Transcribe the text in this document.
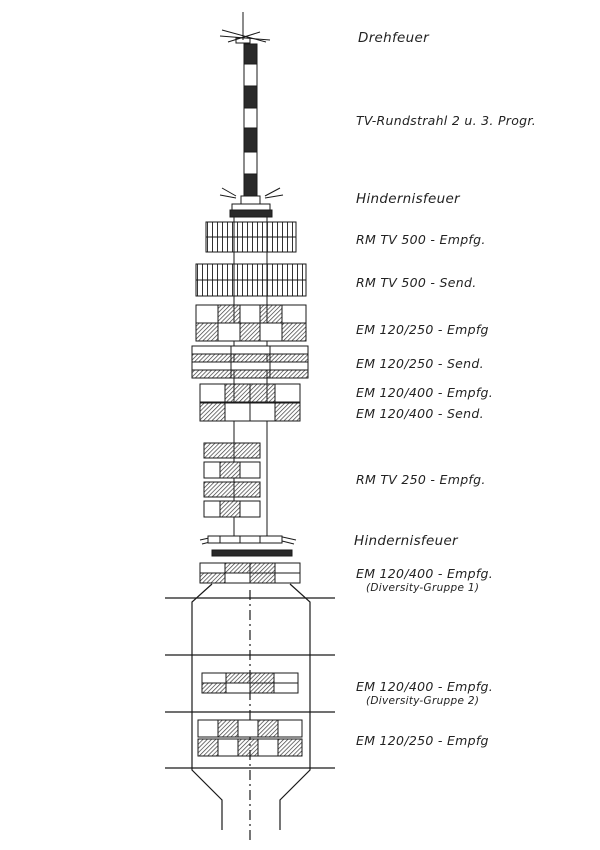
Drehfeuer
TV-Rundstrahl 2 u. 3. Progr.
Hindernisfeuer
RM TV 500 - Empfg.
RM TV 500 - Send.
EM 120/250 - Empfg
EM 120/250 - Send.
EM 120/400 - Empfg.
EM 120/400 - Send.
RM TV 250 - Empfg.
Hindernisfeuer
EM 120/400 - Empfg.
(Diversity-Gruppe 1)
EM 120/400 - Empfg.
(Diversity-Gruppe 2)
EM 120/250 - Empfg
